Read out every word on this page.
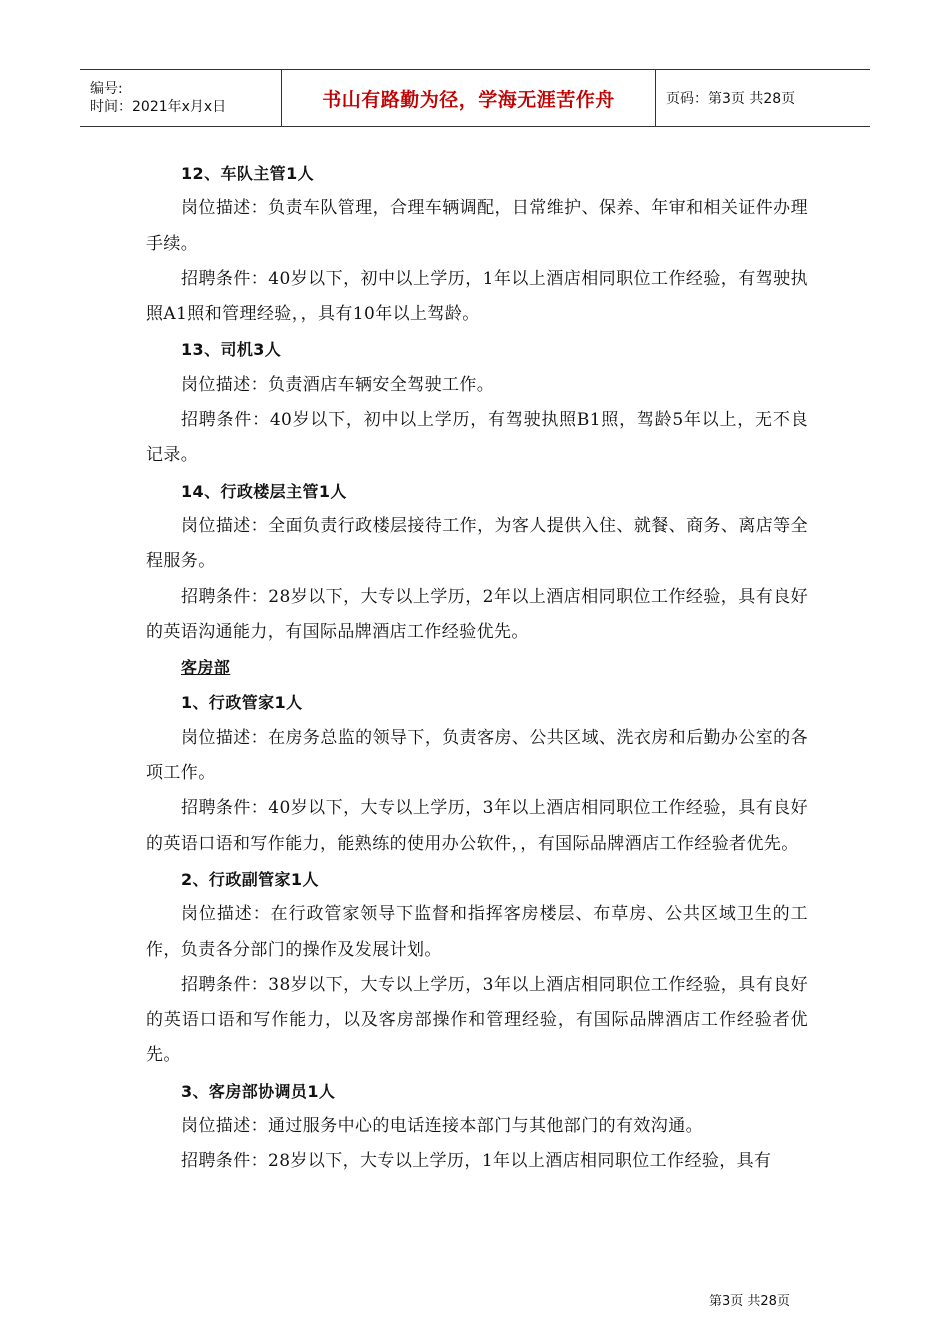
编号:
时间：2021年x月x日	书山有路勤为径，学海无涯苦作舟	页码：第3页 共28页

12、车队主管1人

岗位描述：负责车队管理，合理车辆调配，日常维护、保养、年审和相关证件办理手续。

招聘条件：40岁以下，初中以上学历，1年以上酒店相同职位工作经验，有驾驶执照A1照和管理经验，，具有10年以上驾龄。

13、司机3人

岗位描述：负责酒店车辆安全驾驶工作。

招聘条件：40岁以下，初中以上学历，有驾驶执照B1照，驾龄5年以上，无不良记录。

14、行政楼层主管1人

岗位描述：全面负责行政楼层接待工作，为客人提供入住、就餐、商务、离店等全程服务。

招聘条件：28岁以下，大专以上学历，2年以上酒店相同职位工作经验，具有良好的英语沟通能力，有国际品牌酒店工作经验优先。

客房部

1、行政管家1人

岗位描述：在房务总监的领导下，负责客房、公共区域、洗衣房和后勤办公室的各项工作。

招聘条件：40岁以下，大专以上学历，3年以上酒店相同职位工作经验，具有良好的英语口语和写作能力，能熟练的使用办公软件，，有国际品牌酒店工作经验者优先。

2、行政副管家1人

岗位描述：在行政管家领导下监督和指挥客房楼层、布草房、公共区域卫生的工作，负责各分部门的操作及发展计划。

招聘条件：38岁以下，大专以上学历，3年以上酒店相同职位工作经验，具有良好的英语口语和写作能力，以及客房部操作和管理经验，有国际品牌酒店工作经验者优先。

3、客房部协调员1人

岗位描述：通过服务中心的电话连接本部门与其他部门的有效沟通。

招聘条件：28岁以下，大专以上学历，1年以上酒店相同职位工作经验，具有

第3页 共28页
